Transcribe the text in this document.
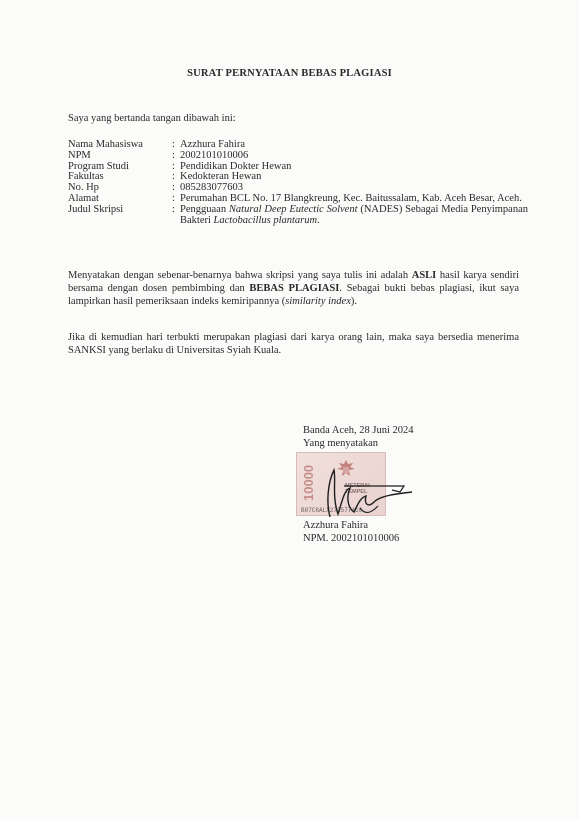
SURAT PERNYATAAN BEBAS PLAGIASI
Saya yang bertanda tangan dibawah ini:
Nama Mahasiswa	: Azzhura Fahira
NPM	: 2002101010006
Program Studi	: Pendidikan Dokter Hewan
Fakultas	: Kedokteran Hewan
No. Hp	: 085283077603
Alamat	: Perumahan BCL No. 17 Blangkreung, Kec. Baitussalam, Kab. Aceh Besar, Aceh.
Judul Skripsi	: Pengguaan Natural Deep Eutectic Solvent (NADES) Sebagai Media Penyimpanan Bakteri Lactobacillus plantarum.
Menyatakan dengan sebenar-benarnya bahwa skripsi yang saya tulis ini adalah ASLI hasil karya sendiri bersama dengan dosen pembimbing dan BEBAS PLAGIASI. Sebagai bukti bebas plagiasi, ikut saya lampirkan hasil pemeriksaan indeks kemiripannya (similarity index).
Jika di kemudian hari terbukti merupakan plagiasi dari karya orang lain, maka saya bersedia menerima SANKSI yang berlaku di Universitas Syiah Kuala.
Banda Aceh, 28 Juni 2024
Yang menyatakan
10000	METERAI
TEMPEL
B87C8ALX273577410
Azzhura Fahira
NPM. 2002101010006
